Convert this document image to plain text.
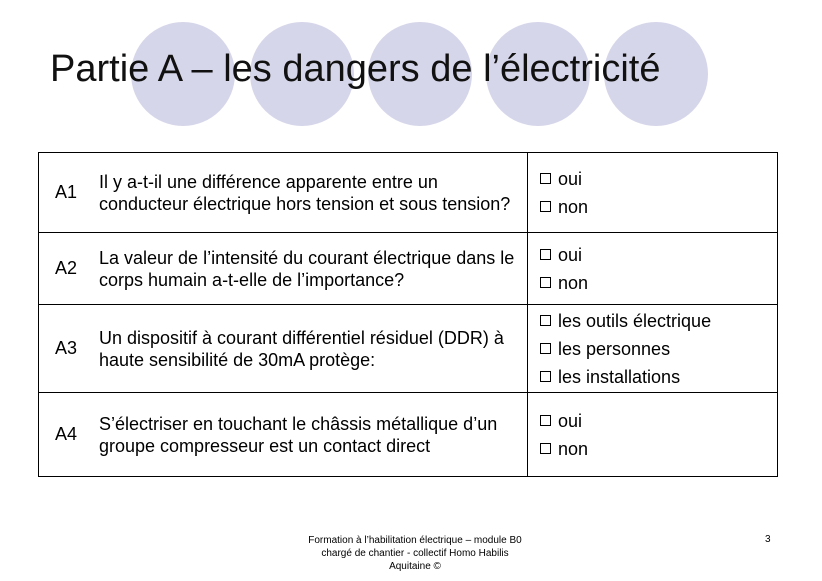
Partie A – les dangers de l’électricité
A1	Il y a-t-il une différence apparente entre un conducteur électrique hors tension et sous tension?	oui
non

A2	La valeur de l’intensité du courant électrique dans le corps humain a-t-elle de l’importance?	oui
non

A3	Un dispositif à courant différentiel résiduel (DDR) à haute sensibilité de 30mA protège:	les outils électrique
les personnes
les installations

A4	S’électriser en touchant le châssis métallique d’un groupe compresseur est un contact direct	oui
non
Formation à l’habilitation électrique – module B0
chargé de chantier - collectif Homo Habilis
Aquitaine ©
3
